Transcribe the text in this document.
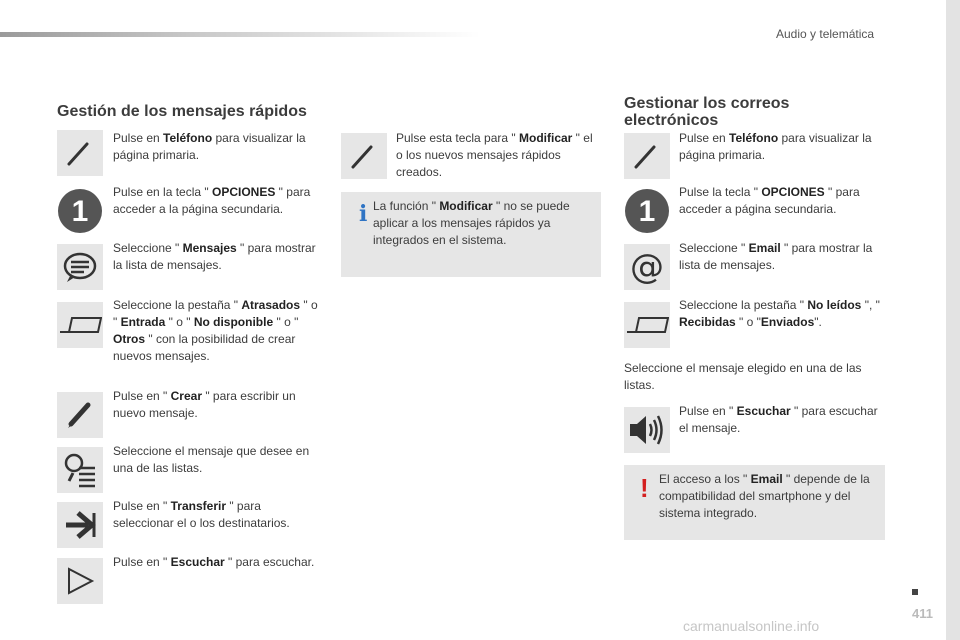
Audio y telemática
Gestión de los mensajes rápidos
Pulse en Teléfono para visualizar la página primaria.
1
Pulse en la tecla " OPCIONES " para acceder a la página secundaria.
Seleccione " Mensajes " para mostrar la lista de mensajes.
Seleccione la pestaña " Atrasados " o " Entrada " o " No disponible " o " Otros " con la posibilidad de crear nuevos mensajes.
Pulse en " Crear " para escribir un nuevo mensaje.
Seleccione el mensaje que desee en una de las listas.
Pulse en " Transferir " para seleccionar el o los destinatarios.
Pulse en " Escuchar " para escuchar.
Pulse esta tecla para " Modificar " el o los nuevos mensajes rápidos creados.
i La función " Modificar " no se puede aplicar a los mensajes rápidos ya integrados en el sistema.
Gestionar los correos electrónicos
Pulse en Teléfono para visualizar la página primaria.
1
Pulse la tecla " OPCIONES " para acceder a página secundaria.
@ Seleccione " Email " para mostrar la lista de mensajes.
Seleccione la pestaña " No leídos ", " Recibidas " o "Enviados".
Seleccione el mensaje elegido en una de las listas.
Pulse en " Escuchar " para escuchar el mensaje.
! El acceso a los " Email " depende de la compatibilidad del smartphone y del sistema integrado.
411
carmanualsonline.info
